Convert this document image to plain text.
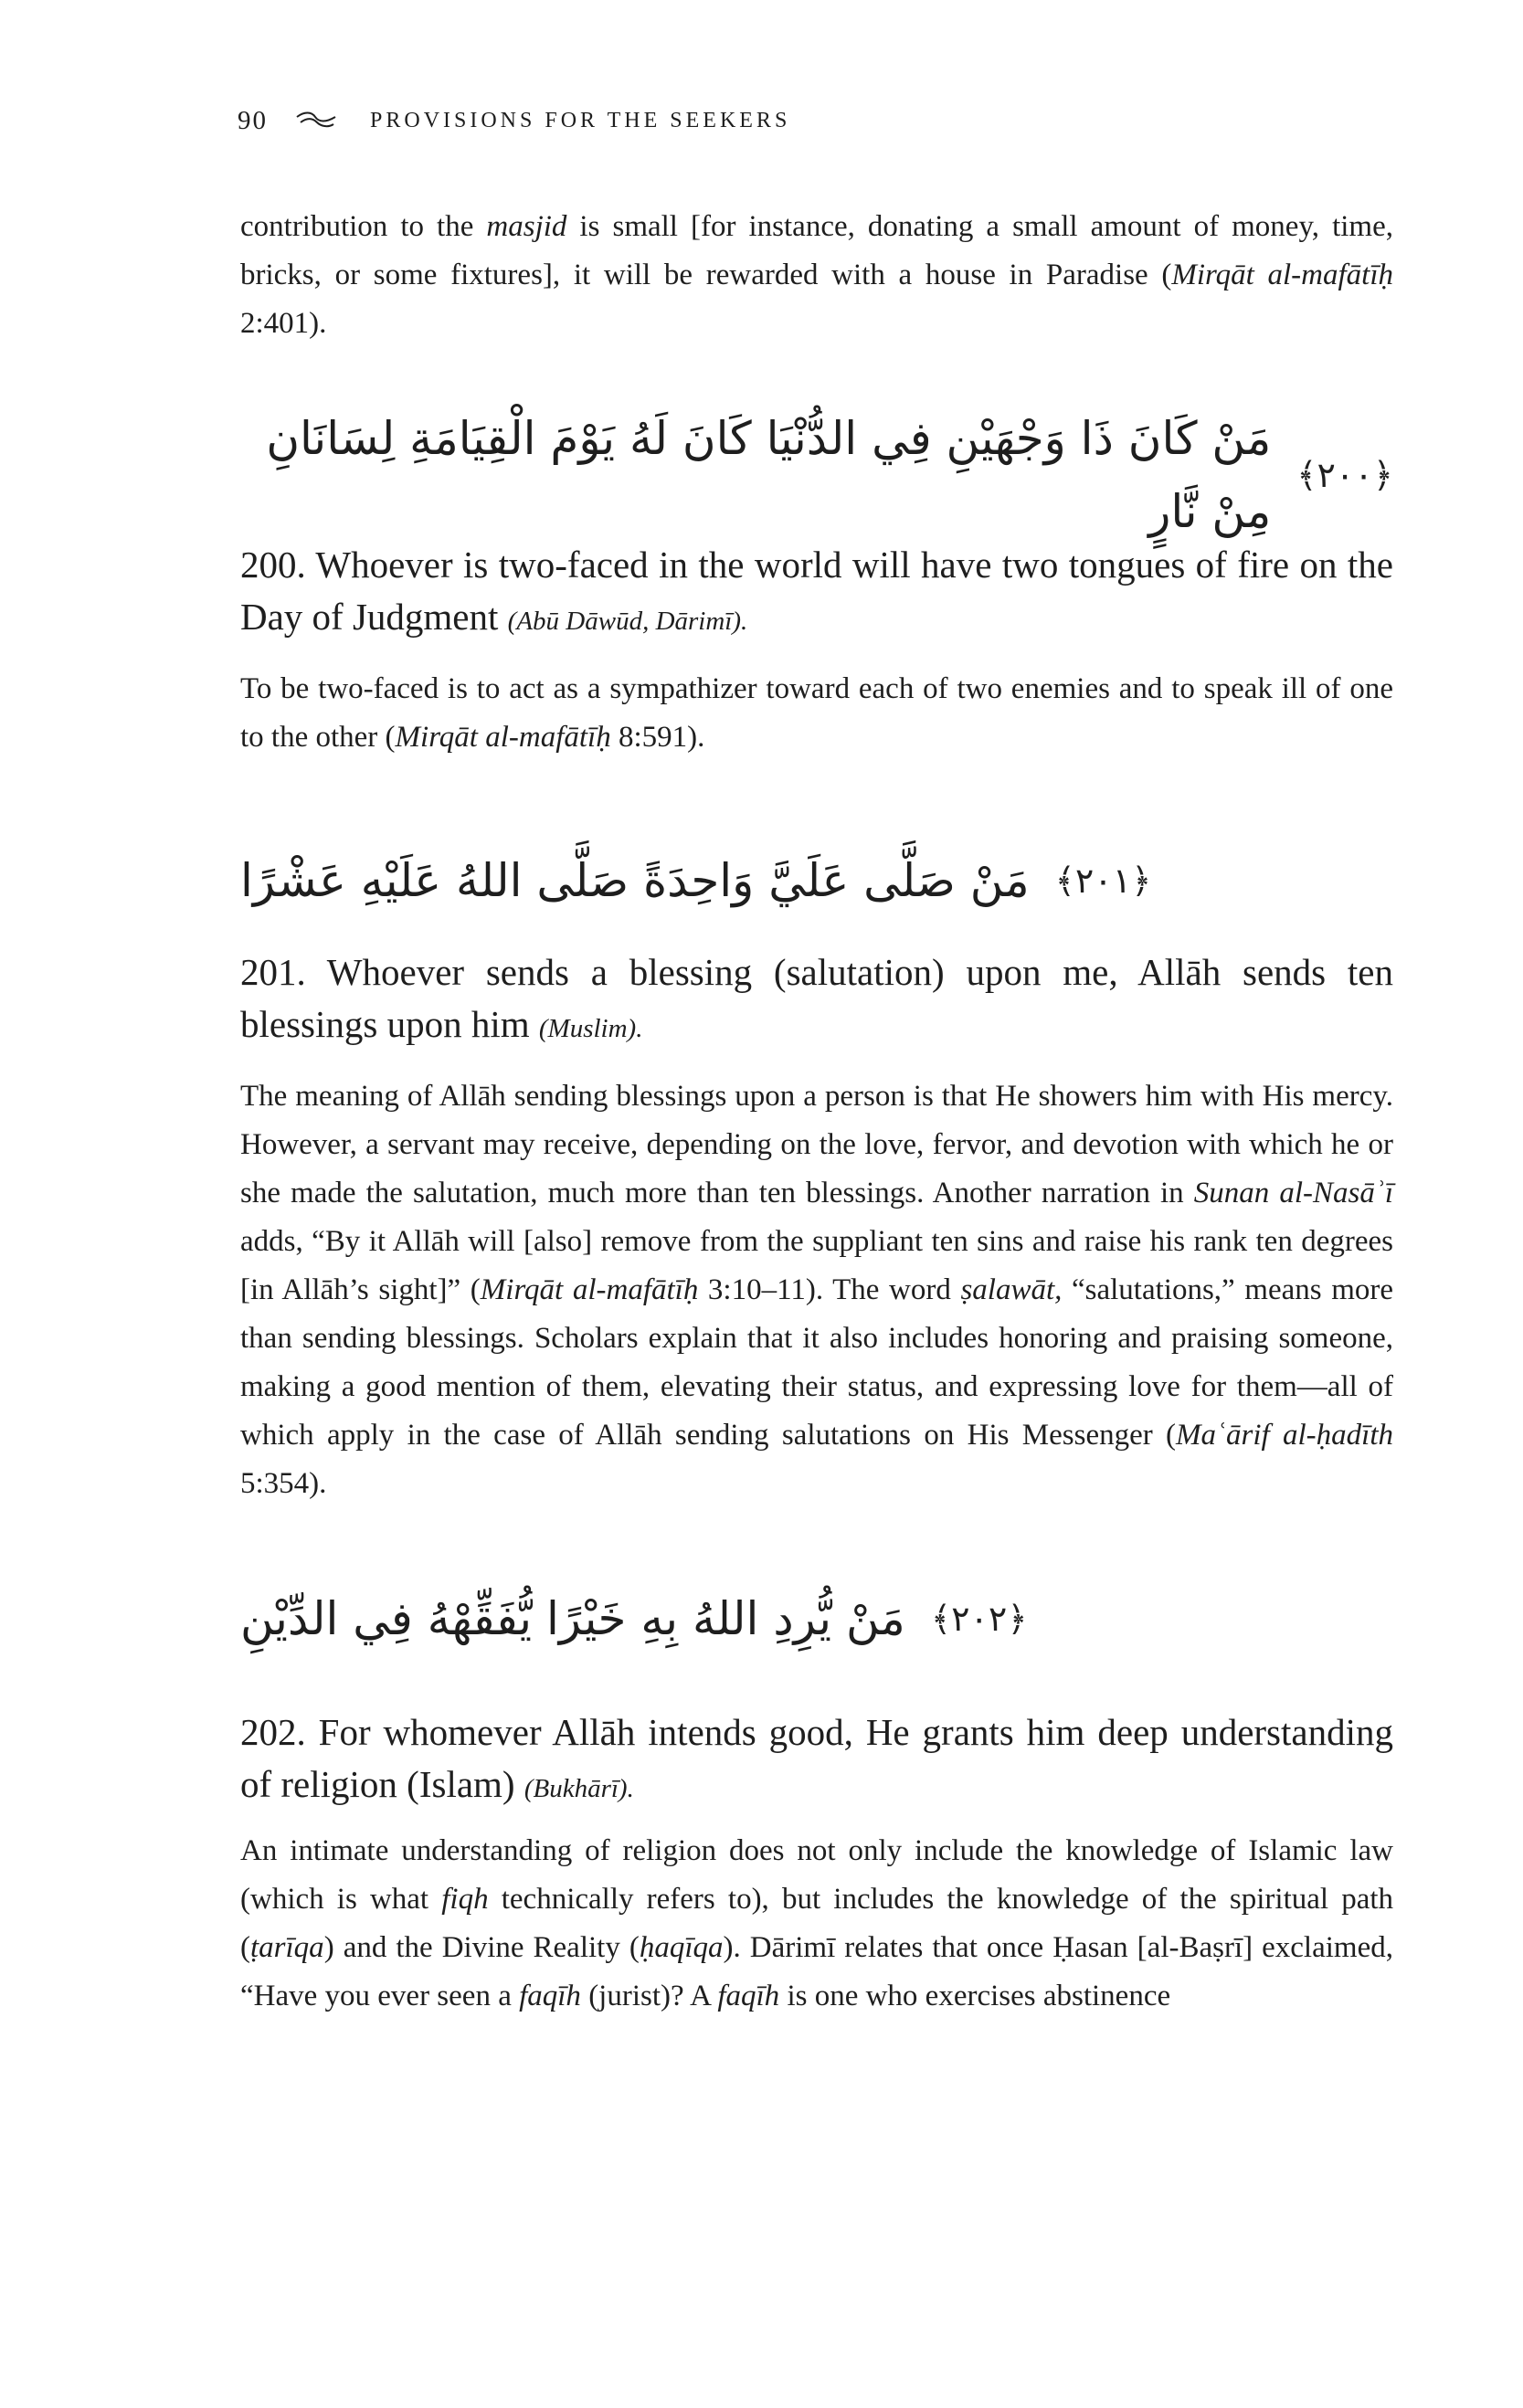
90	PROVISIONS FOR THE SEEKERS

contribution to the masjid is small [for instance, donating a small amount of money, time, bricks, or some fixtures], it will be rewarded with a house in Paradise (Mirqāt al-mafātīḥ 2:401).

﴿٢٠٠﴾
مَنْ كَانَ ذَا وَجْهَيْنِ فِي الدُّنْيَا كَانَ لَهُ يَوْمَ الْقِيَامَةِ لِسَانَانِ مِنْ نَّارٍ

200. Whoever is two-faced in the world will have two tongues of fire on the Day of Judgment (Abū Dāwūd, Dārimī).

To be two-faced is to act as a sympathizer toward each of two enemies and to speak ill of one to the other (Mirqāt al-mafātīḥ 8:591).

﴿٢٠١﴾
مَنْ صَلَّى عَلَيَّ وَاحِدَةً صَلَّى اللهُ عَلَيْهِ عَشْرًا

201. Whoever sends a blessing (salutation) upon me, Allāh sends ten blessings upon him (Muslim).

The meaning of Allāh sending blessings upon a person is that He showers him with His mercy. However, a servant may receive, depending on the love, fervor, and devotion with which he or she made the salutation, much more than ten blessings. Another narration in Sunan al-Nasāʾī adds, “By it Allāh will [also] remove from the suppliant ten sins and raise his rank ten degrees [in Allāh’s sight]” (Mirqāt al-mafātīḥ 3:10–11). The word ṣalawāt, “salutations,” means more than sending blessings. Scholars explain that it also includes honoring and praising someone, making a good mention of them, elevating their status, and expressing love for them—all of which apply in the case of Allāh sending salutations on His Messenger (Maʿārif al-ḥadīth 5:354).

﴿٢٠٢﴾
مَنْ يُّرِدِ اللهُ بِهِ خَيْرًا يُّفَقِّهْهُ فِي الدِّيْنِ

202. For whomever Allāh intends good, He grants him deep understanding of religion (Islam) (Bukhārī).

An intimate understanding of religion does not only include the knowledge of Islamic law (which is what fiqh technically refers to), but includes the knowledge of the spiritual path (ṭarīqa) and the Divine Reality (ḥaqīqa). Dārimī relates that once Ḥasan [al-Baṣrī] exclaimed, “Have you ever seen a faqīh (jurist)? A faqīh is one who exercises abstinence
